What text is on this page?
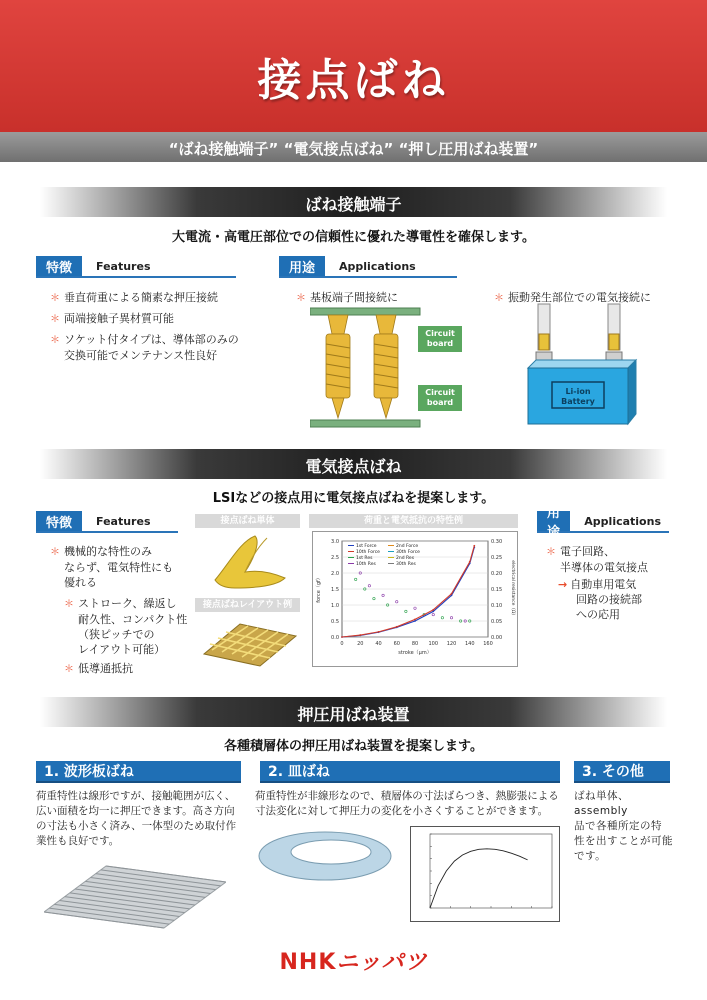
接点ばね
“ばね接触端子” “電気接点ばね” “押し圧用ばね装置”
ばね接触端子
大電流・高電圧部位での信頼性に優れた導電性を確保します。
特徴	Features
＊ 垂直荷重による簡素な押圧接続
＊ 両端接触子異材質可能
＊ ソケット付タイプは、導体部のみの
交換可能でメンテナンス性良好
用途	Applications
＊ 基板端子間接続に	＊ 振動発生部位での電気接続に
Circuit board
Circuit board
Li-ion Battery
電気接点ばね
LSIなどの接点用に電気接点ばねを提案します。
特徴	Features
＊ 機械的な特性のみ
ならず、電気特性にも
優れる
＊ ストローク、繰返し
耐久性、コンパクト性
（狭ピッチでの
レイアウト可能）
＊ 低導通抵抗
接点ばね単体
接点ばねレイアウト例
荷重と電気抵抗の特性例
0.0
0.5
1.0
1.5
2.0
2.5
3.0
0.00
0.05
0.10
0.15
0.20
0.25
0.30
0	20 40 60 80 100 120 140 160
stroke（μm）
force（gf）	electrical resistance（Ω）
1st Force
10th Force
1st Res
10th Res
2nd Force
30th Force
2nd Res
30th Res
用途
Applications
＊ 電子回路、
半導体の電気接点
→ 自動車用電気
回路の接続部
への応用
押圧用ばね装置
各種積層体の押圧用ばね装置を提案します。
1. 波形板ばね
荷重特性は線形ですが、接触範囲が広く、
広い面積を均一に押圧できます。高さ方向
の寸法も小さく済み、一体型のため取付作
業性も良好です。
2. 皿ばね
荷重特性が非線形なので、積層体の寸法ばらつき、熱膨張による
寸法変化に対して押圧力の変化を小さくすることができます。
3. その他
ばね単体、assembly
品で各種所定の特
性を出すことが可能
です。
NHKニッパツ
